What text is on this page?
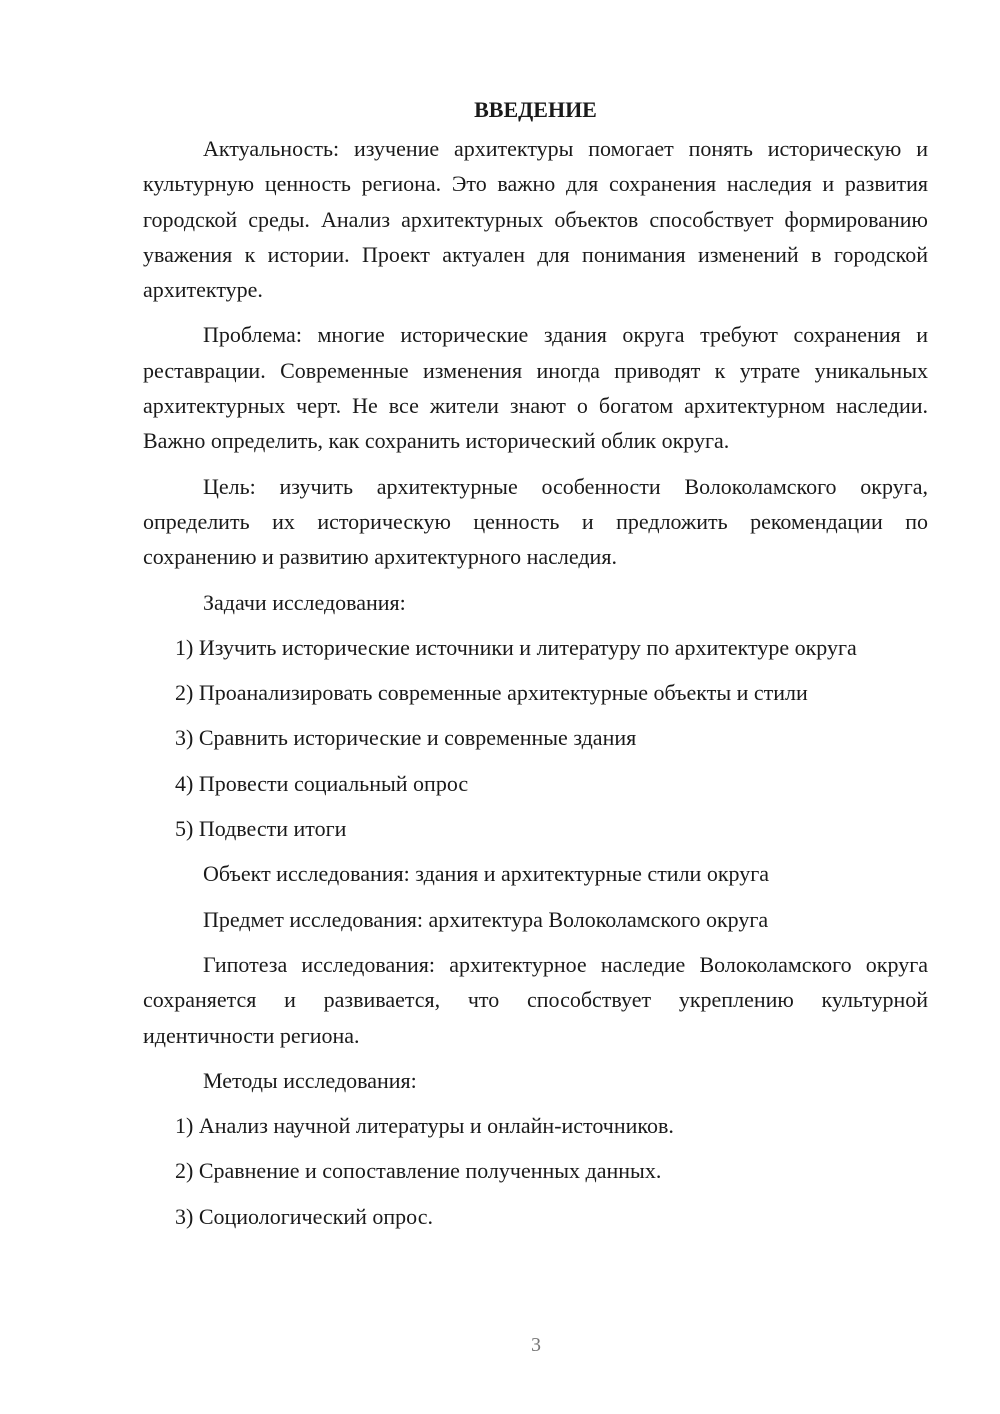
ВВЕДЕНИЕ

Актуальность: изучение архитектуры помогает понять историческую и культурную ценность региона. Это важно для сохранения наследия и развития городской среды. Анализ архитектурных объектов способствует формированию уважения к истории. Проект актуален для понимания изменений в городской архитектуре.

Проблема: многие исторические здания округа требуют сохранения и реставрации. Современные изменения иногда приводят к утрате уникальных архитектурных черт. Не все жители знают о богатом архитектурном наследии. Важно определить, как сохранить исторический облик округа.

Цель: изучить архитектурные особенности Волоколамского округа, определить их историческую ценность и предложить рекомендации по сохранению и развитию архитектурного наследия.

Задачи исследования:

1) Изучить исторические источники и литературу по архитектуре округа

2) Проанализировать современные архитектурные объекты и стили

3) Сравнить исторические и современные здания

4) Провести социальный опрос

5) Подвести итоги

Объект исследования: здания и архитектурные стили округа

Предмет исследования: архитектура Волоколамского округа

Гипотеза исследования: архитектурное наследие Волоколамского округа сохраняется и развивается, что способствует укреплению культурной идентичности региона.

Методы исследования:

1) Анализ научной литературы и онлайн-источников.

2) Сравнение и сопоставление полученных данных.

3) Социологический опрос.

3
